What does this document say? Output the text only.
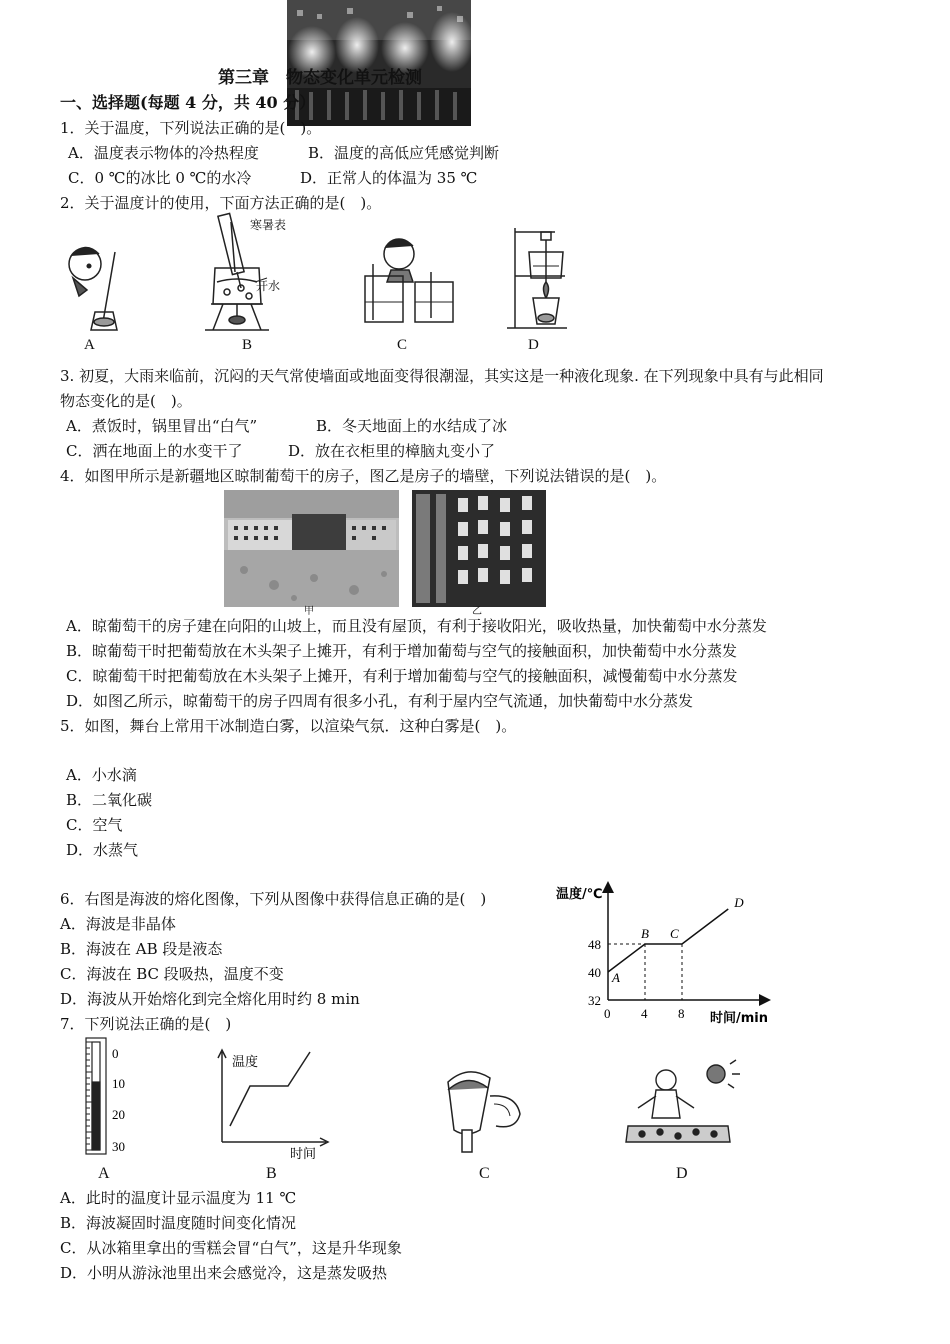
第三章　物态变化单元检测
一、选择题(每题 4 分，共 40 分）
1．关于温度，下列说法正确的是(　)。
A．温度表示物体的冷热程度	B．温度的高低应凭感觉判断
C．0 ℃的冰比 0 ℃的水冷	D．正常人的体温为 35 ℃
2．关于温度计的使用，下面方法正确的是(　)。
寒暑表
开水
A	B	C	D
3. 初夏，大雨来临前，沉闷的天气常使墙面或地面变得很潮湿，其实这是一种液化现象. 在下列现象中具有与此相同
物态变化的是(　)。
A．煮饭时，锅里冒出“白气”	B．冬天地面上的水结成了冰
C．洒在地面上的水变干了	D．放在衣柜里的樟脑丸变小了
4．如图甲所示是新疆地区晾制葡萄干的房子，图乙是房子的墙壁，下列说法错误的是(　)。
甲	乙
A．晾葡萄干的房子建在向阳的山坡上，而且没有屋顶，有利于接收阳光，吸收热量，加快葡萄中水分蒸发
B．晾葡萄干时把葡萄放在木头架子上摊开，有利于增加葡萄与空气的接触面积，加快葡萄中水分蒸发
C．晾葡萄干时把葡萄放在木头架子上摊开，有利于增加葡萄与空气的接触面积，减慢葡萄中水分蒸发
D．如图乙所示，晾葡萄干的房子四周有很多小孔，有利于屋内空气流通，加快葡萄中水分蒸发
5．如图，舞台上常用干冰制造白雾，以渲染气氛．这种白雾是(　)。
A．小水滴
B．二氧化碳
C．空气
D．水蒸气
6．右图是海波的熔化图像，下列从图像中获得信息正确的是(　)
A．海波是非晶体
B．海波在 AB 段是液态
C．海波在 BC 段吸热，温度不变
D．海波从开始熔化到完全熔化用时约 8 min
温度/℃
时间/min
32
40
48
0 4 8
A
B C
D
7．下列说法正确的是(　)
0
10
20
30
温度
时间
A	B	C	D
A．此时的温度计显示温度为 11 ℃
B．海波凝固时温度随时间变化情况
C．从冰箱里拿出的雪糕会冒“白气”，这是升华现象
D．小明从游泳池里出来会感觉冷，这是蒸发吸热
